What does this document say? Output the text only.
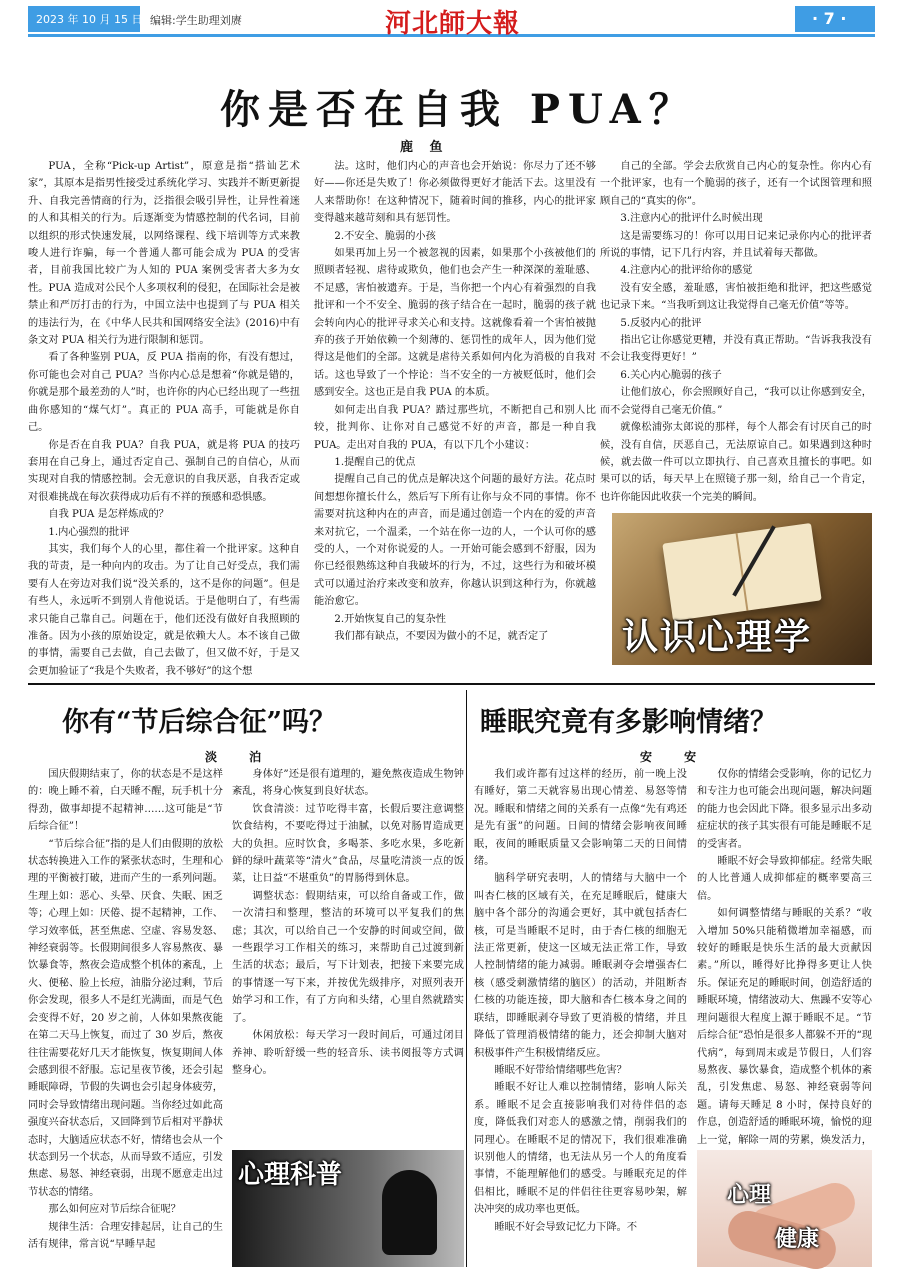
2023 年 10 月 15 日 编辑:学生助理刘赓	河北師大報	· 7 ·
你是否在自我 PUA？
鹿 鱼

PUA，全称“Pick-up Artist”，原意是指“搭讪艺术家”，其原本是指男性接受过系统化学习、实践并不断更新提升、自我完善情商的行为，泛指很会吸引异性，让异性着迷的人和其相关的行为。后逐渐变为情感控制的代名词，目前以组织的形式快速发展，以网络课程、线下培训等方式来教唆人进行诈骗，每一个普通人都可能会成为 PUA 的受害者，目前我国比较广为人知的 PUA 案例受害者大多为女性。PUA 造成对公民个人多项权利的侵犯，在国际社会是被禁止和严厉打击的行为，中国立法中也提到了与 PUA 相关的违法行为，在《中华人民共和国网络安全法》(2016)中有条文对 PUA 相关行为进行限制和惩罚。

看了各种鉴别 PUA，反 PUA 指南的你，有没有想过，你可能也会对自己 PUA？当你内心总是想着“你就是错的，你就是那个最差劲的人”时，也许你的内心已经出现了一些扭曲你感知的“煤气灯”。真正的 PUA 高手，可能就是你自己。

你是否在自我 PUA？自我 PUA，就是将 PUA 的技巧套用在自己身上，通过否定自己、强制自己的自信心，从而实现对自我的情感控制。会无意识的自我厌恶，自我否定或对很难挑战在每次获得成功后有不祥的预感和恐惧感。

自我 PUA 是怎样炼成的？

1.内心强烈的批评

其实，我们每个人的心里，都住着一个批评家。这种自我的苛责，是一种向内的攻击。为了让自己好受点，我们需要有人在旁边对我们说“没关系的，这不是你的问题”。但是有些人，永远听不到别人肯他说话。于是他明白了，有些需求只能自己靠自己。问题在于，他们还没有做好自我照顾的准备。因为小孩的原始设定，就是依赖大人。本不该自己做的事情，需要自己去做，自己去做了，但又做不好，于是又会更加验证了“我是个失败者，我不够好”的这个想

法。这时，他们内心的声音也会开始说：你尽力了还不够好——你还是失败了！你必须做得更好才能活下去。这里没有人来帮助你！在这种情况下，随着时间的推移，内心的批评家变得越来越苛刻和具有惩罚性。

2.不安全、脆弱的小孩

如果再加上另一个被忽视的因素，如果那个小孩被他们的照顾者轻视、虐待或欺负，他们也会产生一种深深的羞耻感、不足感，害怕被遗弃。于是，当你把一个内心有着强烈的自我批评和一个不安全、脆弱的孩子结合在一起时，脆弱的孩子就会转向内心的批评寻求关心和支持。这就像看着一个害怕被抛弃的孩子开始依赖一个刻薄的、惩罚性的成年人，因为他们觉得这是他们的全部。这就是虐待关系如何内化为消极的自我对话。这也导致了一个悖论：当不安全的一方被贬低时，他们会感到安全。这也正是自我 PUA 的本质。

如何走出自我 PUA？踏过那些坑，不断把自己和别人比较，批判你、让你对自己感觉不好的声音，都是一种自我 PUA。走出对自我的 PUA，有以下几个小建议：

1.提醒自己的优点

提醒自己自己的优点是解决这个问题的最好方法。花点时间想想你擅长什么，然后写下所有让你与众不同的事情。你不需要对抗这种内在的声音，而是通过创造一个内在的爱的声音来对抗它，一个温柔，一个站在你一边的人，一个认可你的感受的人，一个对你说爱的人。一开始可能会感到不舒服，因为你已经很熟练这种自我破坏的行为，不过，这些行为和破坏模式可以通过治疗来改变和放弃，你越认识到这种行为，你就越能治愈它。

2.开始恢复自己的复杂性

我们都有缺点，不要因为做小的不足，就否定了

自己的全部。学会去欣赏自己内心的复杂性。你内心有一个批评家，也有一个脆弱的孩子，还有一个试图管理和照顾自己的“真实的你”。

3.注意内心的批评什么时候出现

这是需要练习的！你可以用日记来记录你内心的批评者所说的事情，记下几行内容，并且试着每天都做。

4.注意内心的批评给你的感觉

没有安全感，羞耻感，害怕被拒绝和批评，把这些感觉也记录下来。“当我听到这让我觉得自己毫无价值”等等。

5.反驳内心的批评

指出它让你感觉更糟，并没有真正帮助。“告诉我我没有不会让我变得更好！”

6.关心内心脆弱的孩子

让他们放心，你会照顾好自己，“我可以让你感到安全，而不会觉得自己毫无价值。”

就像松浦弥太郎说的那样，每个人都会有讨厌自己的时候，没有自信，厌恶自己，无法原谅自己。如果遇到这种时候，就去做一件可以立即执行、自己喜欢且擅长的事吧。如果可以的话，每天早上在照镜子那一刻，给自己一个肯定，也许你能因此收获一个完美的瞬间。

认识心理学
你有“节后综合征”吗？
淡 泊

国庆假期结束了，你的状态是不是这样的：晚上睡不着，白天睡不醒，玩手机十分得劲，做事却提不起精神……这可能是“节后综合征”！

“节后综合征”指的是人们由假期的放松状态转换进入工作的紧张状态时，生理和心理的平衡被打破，进而产生的一系列问题。生理上如：恶心、头晕、厌食、失眠、困乏等；心理上如：厌倦、提不起精神，工作、学习效率低，甚至焦虑、空虚、容易发怒、神经衰弱等。长假期间很多人容易熬夜、暴饮暴食等，熬夜会造成整个机体的紊乱，上火、便秘、脸上长痘，油脂分泌过剩，节后你会发现，很多人不是红光满面，而是气色会变得不好，20 岁之前，人体如果熬夜能在第二天马上恢复，而过了 30 岁后，熬夜往往需要花好几天才能恢复，恢复期间人体会感到很不舒服。忘记星夜节後，还会引起睡眠障碍，节假的失调也会引起身体疲劳，同时会导致情绪出现问题。当你经过如此高强度兴奋状态后，又回降到节后相对平静状态时，大脑适应状态不好，情绪也会从一个状态到另一个状态，从而导致不适应，引发焦虑、易怒、神经衰弱，出现不愿意走出过节状态的情绪。

那么如何应对节后综合征呢？

规律生活：合理安排起居，让自己的生活有规律，常言说“早睡早起

身体好”还是很有道理的，避免熬夜造成生物钟紊乱，将身心恢复到良好状态。

饮食清淡：过节吃得丰富，长假后要注意调整饮食结构，不要吃得过于油腻，以免对肠胃造成更大的负担。应时饮食，多喝茶、多吃水果，多吃新鲜的绿叶蔬菜等“清火”食品，尽量吃清淡一点的饭菜，让日益“不堪重负”的胃肠得到休息。

调整状态：假期结束，可以给自备或工作，做一次清扫和整理，整洁的环境可以平复我们的焦虑；其次，可以给自己一个安静的时间或空间，做一些跟学习工作相关的练习，来帮助自己过渡到新生活的状态；最后，写下计划表，把接下来要完成的事情逐一写下来，并按优先级排序，对照列表开始学习和工作，有了方向和头绪，心里自然就踏实了。

休闲放松：每天学习一段时间后，可通过闭目养神、聆听舒缓一些的轻音乐、读书阅报等方式调整身心。

心理科普
睡眠究竟有多影响情绪？
安 安

我们或许都有过这样的经历，前一晚上没有睡好，第二天就容易出现心情差、易怒等情况。睡眠和情绪之间的关系有一点像“先有鸡还是先有蛋”的问题。日间的情绪会影响夜间睡眠，夜间的睡眠质量又会影响第二天的日间情绪。

脑科学研究表明，人的情绪与大脑中一个叫杏仁核的区域有关，在充足睡眠后，健康大脑中各个部分的沟通会更好，其中就包括杏仁核，可是当睡眠不足时，由于杏仁核的细胞无法正常更新，使这一区域无法正常工作，导致人控制情绪的能力减弱。睡眠剥夺会增强杏仁核（感受刺激情绪的脑区）的活动，并阻断杏仁核的功能连接，即大脑和杏仁核本身之间的联结，即睡眠剥夺导致了更消极的情绪，并且降低了管理消极情绪的能力，还会抑制大脑对积极事件产生积极情绪反应。

睡眠不好带给情绪哪些危害？

睡眠不好让人难以控制情绪，影响人际关系。睡眠不足会直接影响我们对待伴侣的态度，降低我们对恋人的感激之情，削弱我们的同理心。在睡眠不足的情况下，我们很难准确识别他人的情绪，也无法从另一个人的角度看事情，不能理解他们的感受。与睡眠充足的伴侣相比，睡眠不足的伴侣往往更容易吵架，解决冲突的成功率也更低。

睡眠不好会导致记忆力下降。不

仅你的情绪会受影响，你的记忆力和专注力也可能会出现问题，解决问题的能力也会因此下降。很多显示出多动症症状的孩子其实很有可能是睡眠不足的受害者。

睡眠不好会导致抑郁症。经常失眠的人比普通人成抑郁症的概率要高三倍。

如何调整情绪与睡眠的关系？“收入增加 50%只能稍微增加幸福感，而较好的睡眠是快乐生活的最大贡献因素。”所以，睡得好比挣得多更让人快乐。保证充足的睡眠时间，创造舒适的睡眠环境，情绪波动大、焦躁不安等心理问题很大程度上源于睡眠不足。“节后综合征”恐怕是很多人都躲不开的“现代病”，每到周末或是节假日，人们容易熬夜、暴饮暴食，造成整个机体的紊乱，引发焦虑、易怒、神经衰弱等问题。请每天睡足 8 小时，保持良好的作息，创造舒适的睡眠环境，愉悦的迎上一觉，解除一周的劳累，焕发活力，

心理
健康
